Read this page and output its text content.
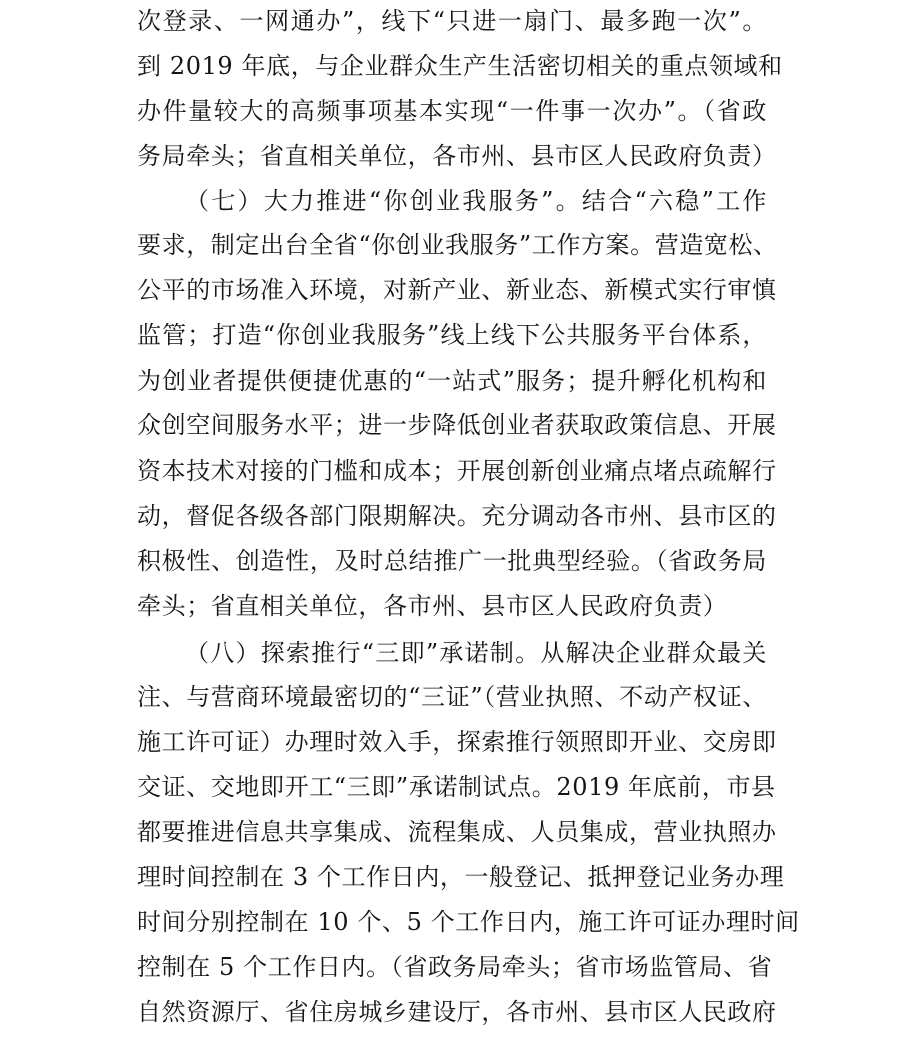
次登录、一网通办”，线下“只进一扇门、最多跑一次”。
到 2019 年底，与企业群众生产生活密切相关的重点领域和
办件量较大的高频事项基本实现“一件事一次办”。（省政
务局牵头；省直相关单位，各市州、县市区人民政府负责）
（七）大力推进“你创业我服务”。结合“六稳”工作
要求，制定出台全省“你创业我服务”工作方案。营造宽松、
公平的市场准入环境，对新产业、新业态、新模式实行审慎
监管；打造“你创业我服务”线上线下公共服务平台体系，
为创业者提供便捷优惠的“一站式”服务；提升孵化机构和
众创空间服务水平；进一步降低创业者获取政策信息、开展
资本技术对接的门槛和成本；开展创新创业痛点堵点疏解行
动，督促各级各部门限期解决。充分调动各市州、县市区的
积极性、创造性，及时总结推广一批典型经验。（省政务局
牵头；省直相关单位，各市州、县市区人民政府负责）
（八）探索推行“三即”承诺制。从解决企业群众最关
注、与营商环境最密切的“三证”（营业执照、不动产权证、
施工许可证）办理时效入手，探索推行领照即开业、交房即
交证、交地即开工“三即”承诺制试点。2019 年底前，市县
都要推进信息共享集成、流程集成、人员集成，营业执照办
理时间控制在 3 个工作日内，一般登记、抵押登记业务办理
时间分别控制在 10 个、5 个工作日内，施工许可证办理时间
控制在 5 个工作日内。（省政务局牵头；省市场监管局、省
自然资源厅、省住房城乡建设厅，各市州、县市区人民政府
